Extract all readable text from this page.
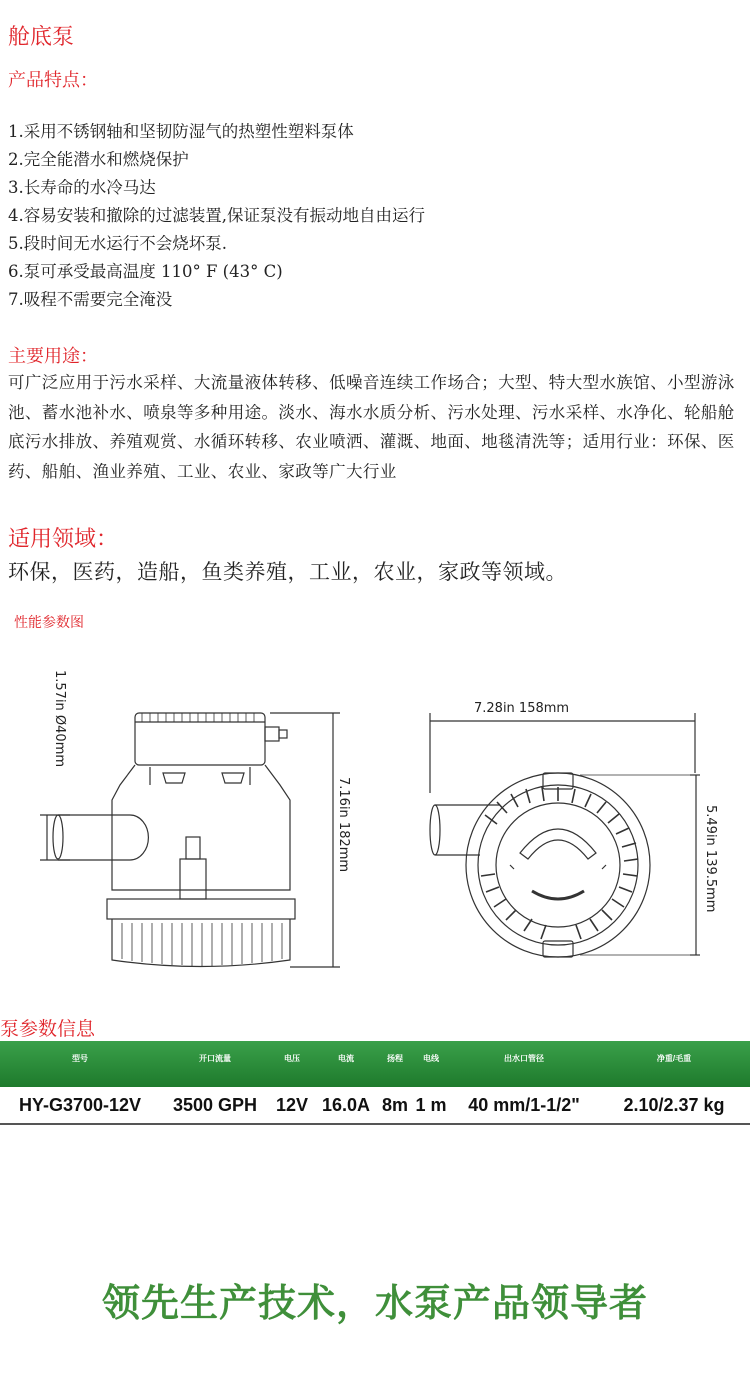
舱底泵
产品特点：
1.采用不锈钢轴和坚韧防湿气的热塑性塑料泵体
2.完全能潜水和燃烧保护
3.长寿命的水冷马达
4.容易安装和撤除的过滤装置,保证泵没有振动地自由运行
5.段时间无水运行不会烧坏泵.
6.泵可承受最高温度 110° F (43° C)
7.吸程不需要完全淹没
主要用途：
可广泛应用于污水采样、大流量液体转移、低噪音连续工作场合；大型、特大型水族馆、小型游泳池、蓄水池补水、喷泉等多种用途。淡水、海水水质分析、污水处理、污水采样、水净化、轮船舱底污水排放、养殖观赏、水循环转移、农业喷洒、灌溉、地面、地毯清洗等；适用行业：环保、医药、船舶、渔业养殖、工业、农业、家政等广大行业
适用领域：
环保，医药，造船，鱼类养殖，工业，农业，家政等领域。
性能参数图
1.57in Ø40mm
7.16in 182mm
7.28in 158mm
5.49in 139.5mm
泵参数信息
型号	开口流量	电压	电流	扬程	电线	出水口管径	净重/毛重
HY-G3700-12V	3500 GPH	12V	16.0A	8m	1 m	40 mm/1-1/2"	2.10/2.37 kg
领先生产技术，水泵产品领导者
